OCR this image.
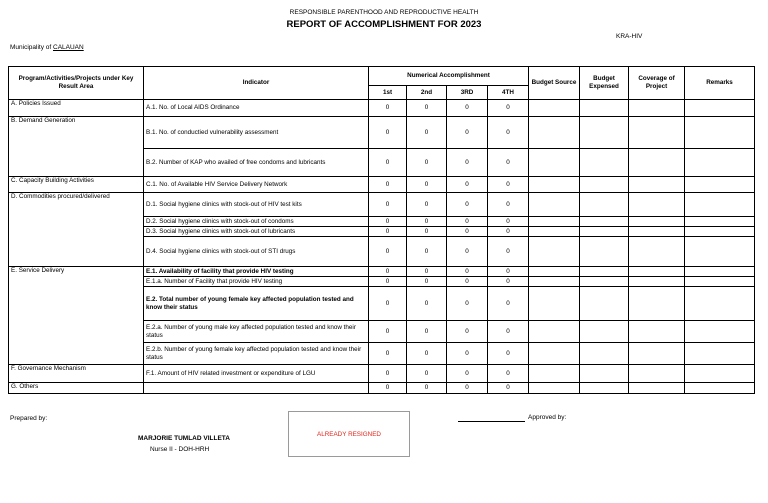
RESPONSIBLE PARENTHOOD AND REPRODUCTIVE HEALTH
REPORT OF ACCOMPLISHMENT FOR 2023
KRA-HIV
Municipality of CALAUAN
Program/Activities/Projects under Key Result Area	Indicator	Numerical Accomplishment				Budget Source	Budget Expensed	Coverage of Project	Remarks
		1st	2nd	3RD	4TH				
A. Policies Issued	A.1. No. of Local AIDS Ordinance	0	0	0	0				
B. Demand Generation	B.1. No. of conductied vulnerability assessment	0	0	0	0				
	B.2. Number of KAP who availed of free condoms and lubricants	0	0	0	0				
C. Capacity Building Activities	C.1. No. of Available HIV Service Delivery Network	0	0	0	0				
D. Commodities procured/delivered	D.1. Social hygiene clinics with stock-out of HIV test kits	0	0	0	0				
	D.2. Social hygiene clinics with stock-out of condoms	0	0	0	0				
	D.3. Social hygiene clinics with stock-out of lubricants	0	0	0	0				
	D.4. Social hygiene clinics with stock-out of STI drugs	0	0	0	0				
E. Service Delivery	E.1. Availability of facility that provide HIV testing	0	0	0	0				
	E.1.a. Number of Facility that provide HIV testing	0	0	0	0				
	E.2. Total number of young female key affected population tested and know their status	0	0	0	0				
	E.2.a. Number of young male key affected population tested and know their status	0	0	0	0				
	E.2.b. Number of young female key affected population tested and know their status	0	0	0	0				
F. Governance Mechanism	F.1. Amount of HIV related investment or expenditure of LGU	0	0	0	0				
G. Others		0	0	0	0				
Prepared by:
MARJORIE TUMLAD VILLETA
Nurse II - DOH-HRH
ALREADY RESIGNED
Approved by:
